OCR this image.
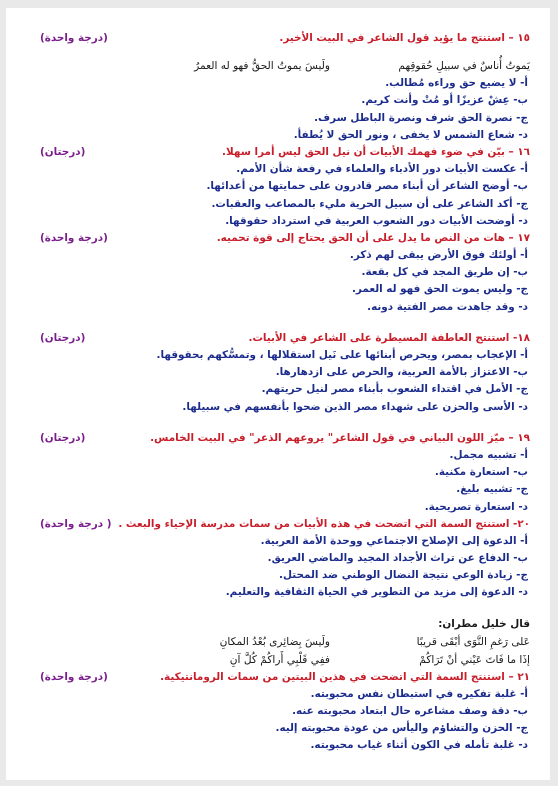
١٥ – استنتج ما يؤيد قول الشاعر في البيت الأخير.
(درجة واحدة)
يَموتُ أُناسٌ في سبيلِ حُقوقِهم
ولَيسَ يموتُ الحقُّ فهو له العمرُ
أ- لا يضيع حق وراءه مُطالب.
ب- عِشْ عزيزًا أو مُتْ وأنت كريم.
ج- نصرة الحق شرف ونصرة الباطل سرف.
د- شعاع الشمس لا يخفى ، ونور الحق لا يُطفأ.
١٦ – بيّن في ضوء فهمك الأبيات أن نيل الحق ليس أمرا سهلا.
(درجتان)
أ- عكست الأبيات دور الأدباء والعلماء في رفعة شأن الأمم.
ب- أوضح الشاعر أن أبناء مصر قادرون على حمايتها من أعدائها.
ج- أكد الشاعر على أن سبيل الحرية مليء بالمصاعب والعقبات.
د- أوضحت الأبيات دور الشعوب العربية في استرداد حقوقها.
١٧ – هات من النص ما يدل على أن الحق يحتاج إلى قوة تحميه.
(درجة واحدة)
أ- أولئك فوق الأرض يبقى لهم ذكر.
ب- إن طريق المجد في كل بقعة.
ج- وليس يموت الحق فهو له العمر.
د- وقد جاهدت مصر الفتية دونه.
١٨- استنتج العاطفة المسيطرة على الشاعر في الأبيات.
(درجتان)
أ- الإعجاب بمصر، ويحرص أبنائها على نَيل استقلالها ، وتمسُّكهم بحقوقها.
ب- الاعتزاز بالأمة العربية، والحرص على ازدهارها.
ج- الأمل في اقتداء الشعوب بأبناء مصر لنيل حريتهم.
د- الأسى والحزن على شهداء مصر الذين ضحوا بأنفسهم في سبيلها.
١٩ – ميّز اللون البياني في قول الشاعر" يروعهم الذعر" في البيت الخامس.
(درجتان)
أ- تشبيه مجمل.
ب- استعارة مكنية.
ج- تشبيه بليغ.
د- استعارة تصريحية.
٢٠- استنتج السمة التي اتضحت في هذه الأبيات من سمات مدرسة الإحياء والبعث .
( درجة واحدة)
أ- الدعوة إلى الإصلاح الاجتماعي ووحدة الأمة العربية.
ب- الدفاع عن تراث الأجداد المجيد والماضي العريق.
ج- زيادة الوعي نتيجة النضال الوطني ضد المحتل.
د- الدعوة إلى مزيد من التطوير في الحياة الثقافية والتعليم.
قال خليل مطران:
عَلى رَغمِ النَّوَى أبْقَى قريبًا
ولَيسَ بِضائِرى بُعْدُ المكانِ
إذَا ما فَاتَ عَيْني أنْ تَرَاكُمْ
ففِي قَلْبِي أَراكُمْ كُلَّ آنِ
٢١ – استنتج السمة التي اتضحت في هذين البيتين من سمات الرومانتيكية.
(درجة واحدة)
أ- غلبة تفكيره في استبطان نفس محبوبته.
ب- دقة وصف مشاعره حال ابتعاد محبوبته عنه.
ج- الحزن والتشاؤم واليأس من عودة محبوبته إليه.
د- غلبة تأمله في الكون أثناء غياب محبوبته.
